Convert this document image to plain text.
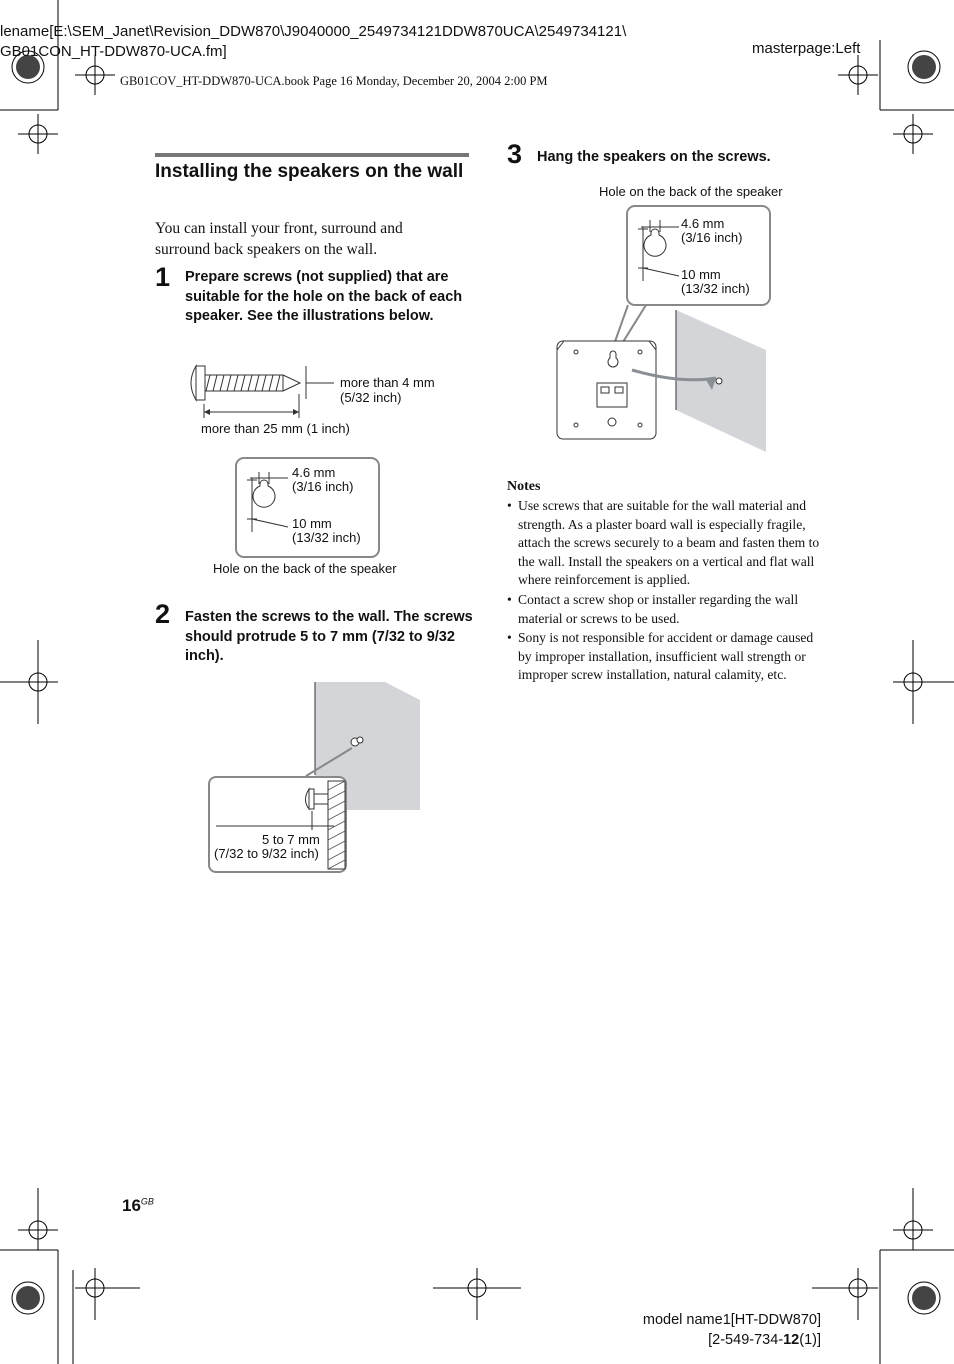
lename[E:\SEM_Janet\Revision_DDW870\J9040000_2549734121DDW870UCA\2549734121\
GB01CON_HT-DDW870-UCA.fm]	masterpage:Left
GB01COV_HT-DDW870-UCA.book Page 16 Monday, December 20, 2004 2:00 PM
Installing the speakers on the wall
You can install your front, surround and surround back speakers on the wall.
1 Prepare screws (not supplied) that are suitable for the hole on the back of each speaker. See the illustrations below.
more than 4 mm
(5/32 inch)
more than 25 mm (1 inch)
4.6 mm
(3/16 inch)
10 mm
(13/32 inch)
Hole on the back of the speaker
2 Fasten the screws to the wall. The screws should protrude 5 to 7 mm (7/32 to 9/32 inch).
5 to 7 mm
(7/32 to 9/32 inch)
3 Hang the speakers on the screws.
Hole on the back of the speaker
4.6 mm
(3/16 inch)
10 mm
(13/32 inch)
Notes
• Use screws that are suitable for the wall material and strength. As a plaster board wall is especially fragile, attach the screws securely to a beam and fasten them to the wall. Install the speakers on a vertical and flat wall where reinforcement is applied.
• Contact a screw shop or installer regarding the wall material or screws to be used.
• Sony is not responsible for accident or damage caused by improper installation, insufficient wall strength or improper screw installation, natural calamity, etc.
$16^{GB}$
model name1[HT-DDW870]
[2-549-734-12(1)]
